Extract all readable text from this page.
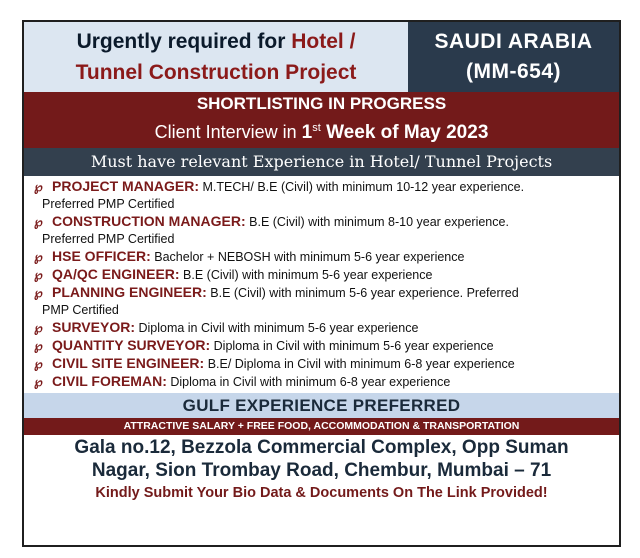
Urgently required for Hotel /
Tunnel Construction Project
SAUDI ARABIA
(MM-654)
SHORTLISTING IN PROGRESS
Client Interview in 1st Week of May 2023
Must have relevant Experience in Hotel/ Tunnel Projects
℘ PROJECT MANAGER: M.TECH/ B.E (Civil) with minimum 10-12 year experience.
Preferred PMP Certified
℘ CONSTRUCTION MANAGER: B.E (Civil) with minimum 8-10 year experience.
Preferred PMP Certified
℘ HSE OFFICER: Bachelor + NEBOSH with minimum 5-6 year experience
℘ QA/QC ENGINEER: B.E (Civil) with minimum 5-6 year experience
℘ PLANNING ENGINEER: B.E (Civil) with minimum 5-6 year experience. Preferred
PMP Certified
℘ SURVEYOR: Diploma in Civil with minimum 5-6 year experience
℘ QUANTITY SURVEYOR: Diploma in Civil with minimum 5-6 year experience
℘ CIVIL SITE ENGINEER: B.E/ Diploma in Civil with minimum 6-8 year experience
℘ CIVIL FOREMAN: Diploma in Civil with minimum 6-8 year experience
GULF EXPERIENCE PREFERRED
ATTRACTIVE SALARY + FREE FOOD, ACCOMMODATION & TRANSPORTATION
Gala no.12, Bezzola Commercial Complex, Opp Suman
Nagar, Sion Trombay Road, Chembur, Mumbai – 71
Kindly Submit Your Bio Data & Documents On The Link Provided!
